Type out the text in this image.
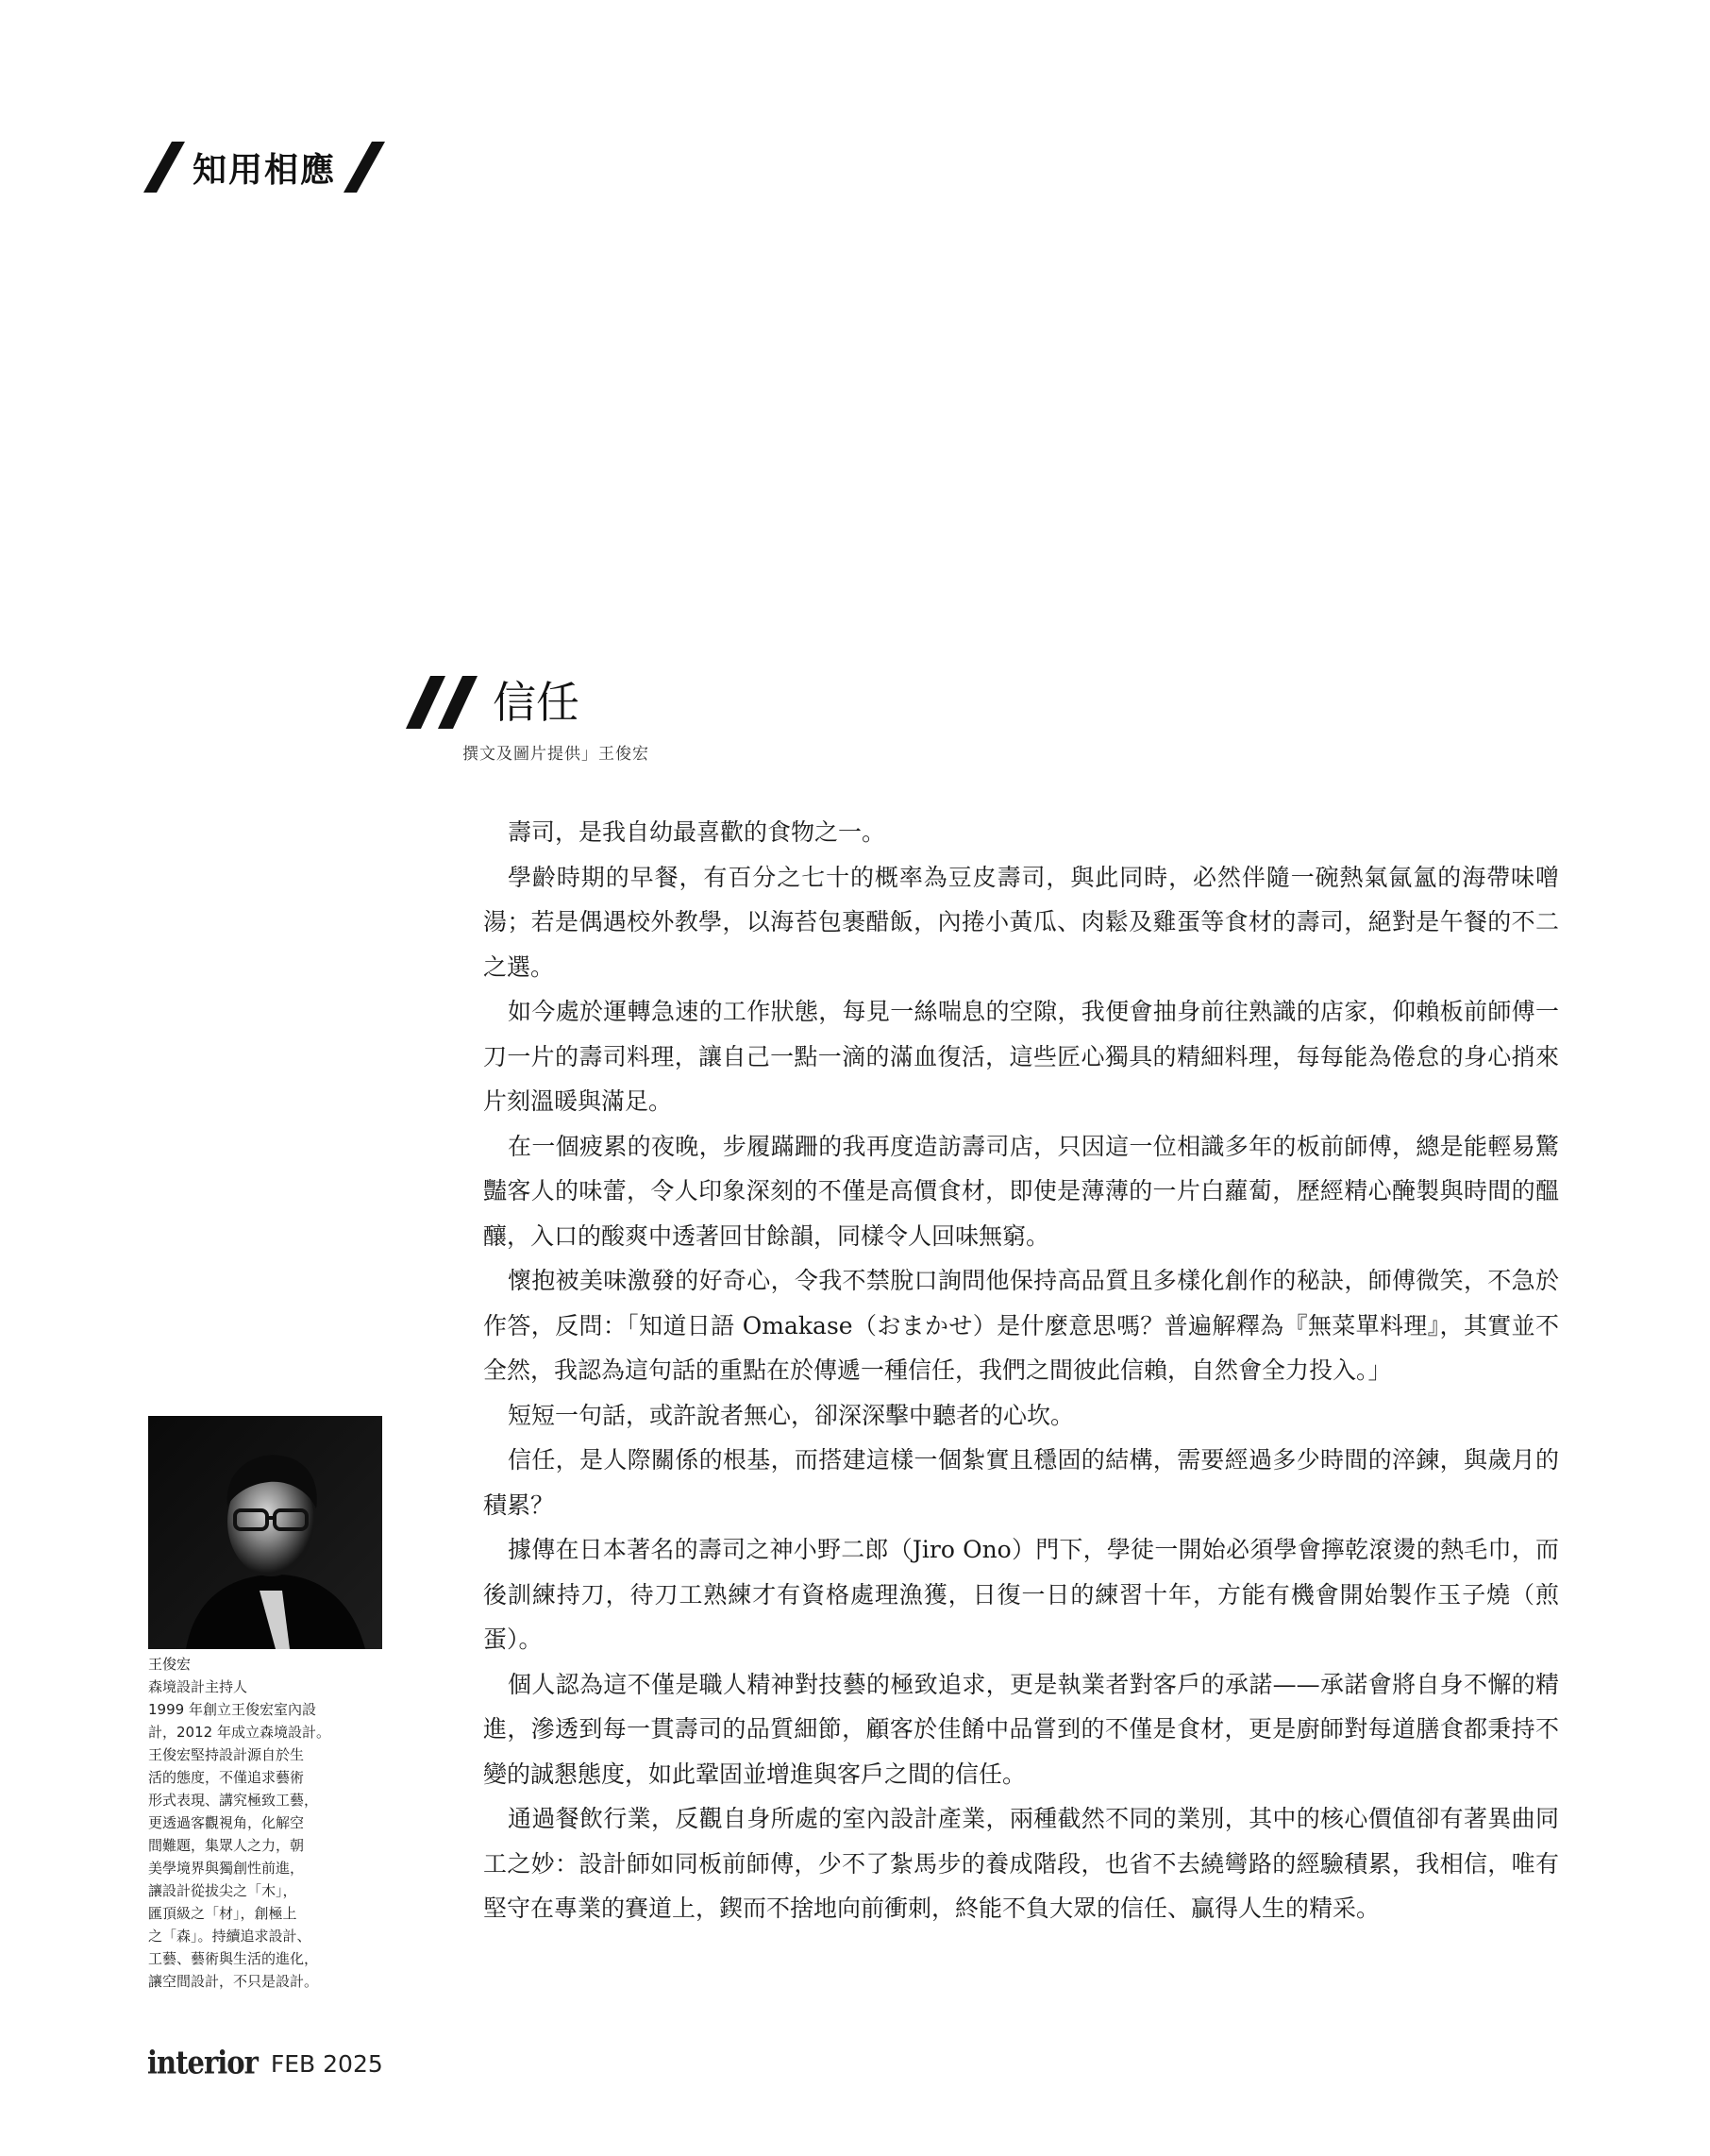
知用相應
信任
撰文及圖片提供」王俊宏

壽司，是我自幼最喜歡的食物之一。

學齡時期的早餐，有百分之七十的概率為豆皮壽司，與此同時，必然伴隨一碗熱氣氤氳的海帶味噌湯；若是偶遇校外教學，以海苔包裹醋飯，內捲小黃瓜、肉鬆及雞蛋等食材的壽司，絕對是午餐的不二之選。

如今處於運轉急速的工作狀態，每見一絲喘息的空隙，我便會抽身前往熟識的店家，仰賴板前師傅一刀一片的壽司料理，讓自己一點一滴的滿血復活，這些匠心獨具的精細料理，每每能為倦怠的身心捎來片刻溫暖與滿足。

在一個疲累的夜晚，步履蹣跚的我再度造訪壽司店，只因這一位相識多年的板前師傅，總是能輕易驚豔客人的味蕾，令人印象深刻的不僅是高價食材，即使是薄薄的一片白蘿蔔，歷經精心醃製與時間的醞釀，入口的酸爽中透著回甘餘韻，同樣令人回味無窮。

懷抱被美味激發的好奇心，令我不禁脫口詢問他保持高品質且多樣化創作的秘訣，師傅微笑，不急於作答，反問：「知道日語 Omakase（おまかせ）是什麼意思嗎？普遍解釋為『無菜單料理』，其實並不全然，我認為這句話的重點在於傳遞一種信任，我們之間彼此信賴，自然會全力投入。」

短短一句話，或許說者無心，卻深深擊中聽者的心坎。

信任，是人際關係的根基，而搭建這樣一個紮實且穩固的結構，需要經過多少時間的淬鍊，與歲月的積累？

據傳在日本著名的壽司之神小野二郎（Jiro Ono）門下，學徒一開始必須學會擰乾滾燙的熱毛巾，而後訓練持刀，待刀工熟練才有資格處理漁獲，日復一日的練習十年，方能有機會開始製作玉子燒（煎蛋）。

個人認為這不僅是職人精神對技藝的極致追求，更是執業者對客戶的承諾——承諾會將自身不懈的精進，滲透到每一貫壽司的品質細節，顧客於佳餚中品嘗到的不僅是食材，更是廚師對每道膳食都秉持不變的誠懇態度，如此鞏固並增進與客戶之間的信任。

通過餐飲行業，反觀自身所處的室內設計產業，兩種截然不同的業別，其中的核心價值卻有著異曲同工之妙：設計師如同板前師傅，少不了紮馬步的養成階段，也省不去繞彎路的經驗積累，我相信，唯有堅守在專業的賽道上，鍥而不捨地向前衝刺，終能不負大眾的信任、贏得人生的精采。

王俊宏
森境設計主持人
1999 年創立王俊宏室內設
計，2012 年成立森境設計。
王俊宏堅持設計源自於生
活的態度，不僅追求藝術
形式表現、講究極致工藝，
更透過客觀視角，化解空
間難題，集眾人之力，朝
美學境界與獨創性前進，
讓設計從拔尖之「木」，
匯頂級之「材」，創極上
之「森」。持續追求設計、
工藝、藝術與生活的進化，
讓空間設計，不只是設計。
interior FEB 2025
